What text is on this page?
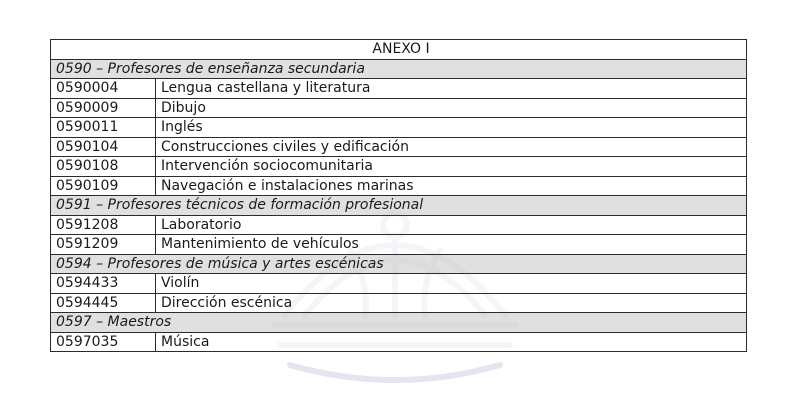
ANEXO I	
0590 – Profesores de enseñanza secundaria	
0590004	Lengua castellana y literatura
0590009	Dibujo
0590011	Inglés
0590104	Construcciones civiles y edificación
0590108	Intervención sociocomunitaria
0590109	Navegación e instalaciones marinas
0591 – Profesores técnicos de formación profesional	
0591208	Laboratorio
0591209	Mantenimiento de vehículos
0594 – Profesores de música y artes escénicas	
0594433	Violín
0594445	Dirección escénica
0597 – Maestros	
0597035	Música
